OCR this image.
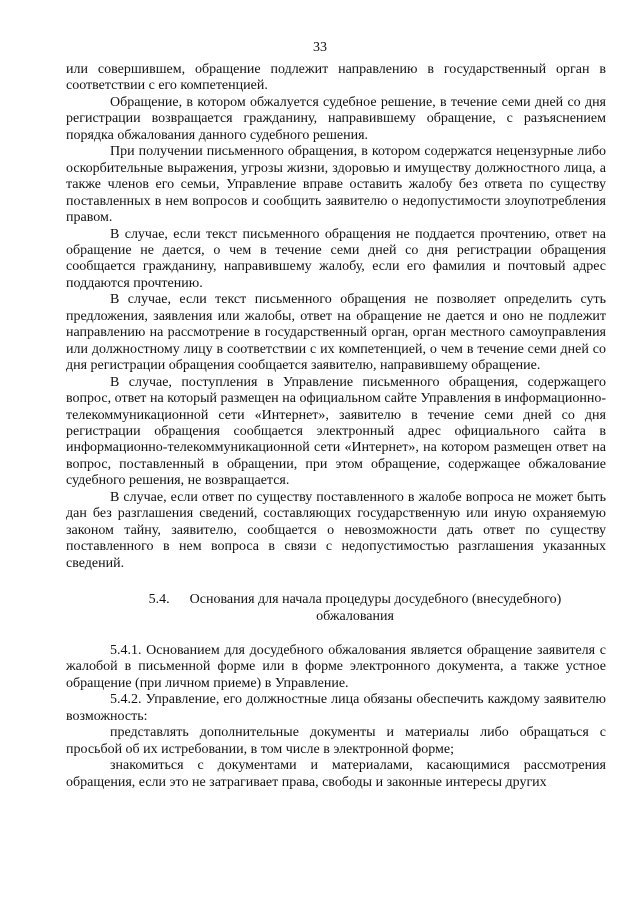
33

или совершившем, обращение подлежит направлению в государственный орган в соответствии с его компетенцией.

Обращение, в котором обжалуется судебное решение, в течение семи дней со дня регистрации возвращается гражданину, направившему обращение, с разъяснением порядка обжалования данного судебного решения.

При получении письменного обращения, в котором содержатся нецензурные либо оскорбительные выражения, угрозы жизни, здоровью и имуществу должностного лица, а также членов его семьи, Управление вправе оставить жалобу без ответа по существу поставленных в нем вопросов и сообщить заявителю о недопустимости злоупотребления правом.

В случае, если текст письменного обращения не поддается прочтению, ответ на обращение не дается, о чем в течение семи дней со дня регистрации обращения сообщается гражданину, направившему жалобу, если его фамилия и почтовый адрес поддаются прочтению.

В случае, если текст письменного обращения не позволяет определить суть предложения, заявления или жалобы, ответ на обращение не дается и оно не подлежит направлению на рассмотрение в государственный орган, орган местного самоуправления или должностному лицу в соответствии с их компетенцией, о чем в течение семи дней со дня регистрации обращения сообщается заявителю, направившему обращение.

В случае, поступления в Управление письменного обращения, содержащего вопрос, ответ на который размещен на официальном сайте Управления в информационно-телекоммуникационной сети «Интернет», заявителю в течение семи дней со дня регистрации обращения сообщается электронный адрес официального сайта в информационно-телекоммуникационной сети «Интернет», на котором размещен ответ на вопрос, поставленный в обращении, при этом обращение, содержащее обжалование судебного решения, не возвращается.

В случае, если ответ по существу поставленного в жалобе вопроса не может быть дан без разглашения сведений, составляющих государственную или иную охраняемую законом тайну, заявителю, сообщается о невозможности дать ответ по существу поставленного в нем вопроса в связи с недопустимостью разглашения указанных сведений.

5.4. Основания для начала процедуры досудебного (внесудебного) обжалования

5.4.1. Основанием для досудебного обжалования является обращение заявителя с жалобой в письменной форме или в форме электронного документа, а также устное обращение (при личном приеме) в Управление.

5.4.2. Управление, его должностные лица обязаны обеспечить каждому заявителю возможность:

представлять дополнительные документы и материалы либо обращаться с просьбой об их истребовании, в том числе в электронной форме;

знакомиться с документами и материалами, касающимися рассмотрения обращения, если это не затрагивает права, свободы и законные интересы других
